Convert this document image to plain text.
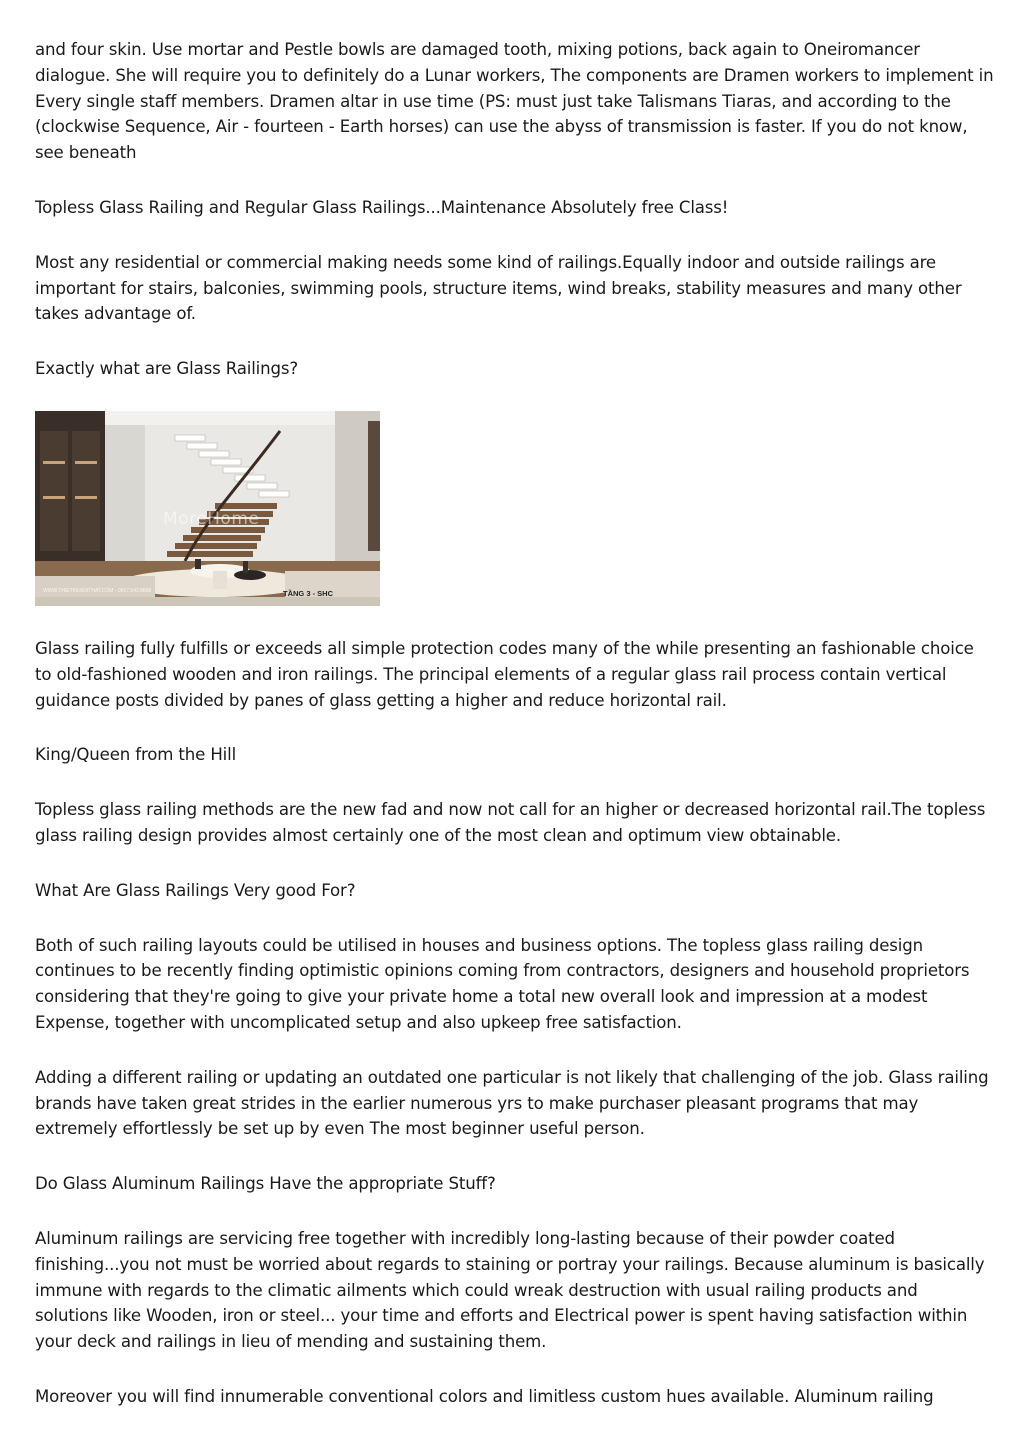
and four skin. Use mortar and Pestle bowls are damaged tooth, mixing potions, back again to Oneiromancer dialogue. She will require you to definitely do a Lunar workers, The components are Dramen workers to implement in Every single staff members. Dramen altar in use time (PS: must just take Talismans Tiaras, and according to the (clockwise Sequence, Air - fourteen - Earth horses) can use the abyss of transmission is faster. If you do not know, see beneath

Topless Glass Railing and Regular Glass Railings...Maintenance Absolutely free Class!

Most any residential or commercial making needs some kind of railings.Equally indoor and outside railings are important for stairs, balconies, swimming pools, structure items, wind breaks, stability measures and many other takes advantage of.

Exactly what are Glass Railings?

MoreHome
WWW.THIETKENOITHAT.COM - 0917.543.8888	TẦNG 3 - SHC

Glass railing fully fulfills or exceeds all simple protection codes many of the while presenting an fashionable choice to old-fashioned wooden and iron railings. The principal elements of a regular glass rail process contain vertical guidance posts divided by panes of glass getting a higher and reduce horizontal rail.

King/Queen from the Hill

Topless glass railing methods are the new fad and now not call for an higher or decreased horizontal rail.The topless glass railing design provides almost certainly one of the most clean and optimum view obtainable.

What Are Glass Railings Very good For?

Both of such railing layouts could be utilised in houses and business options. The topless glass railing design continues to be recently finding optimistic opinions coming from contractors, designers and household proprietors considering that they're going to give your private home a total new overall look and impression at a modest Expense, together with uncomplicated setup and also upkeep free satisfaction.

Adding a different railing or updating an outdated one particular is not likely that challenging of the job. Glass railing brands have taken great strides in the earlier numerous yrs to make purchaser pleasant programs that may extremely effortlessly be set up by even The most beginner useful person.

Do Glass Aluminum Railings Have the appropriate Stuff?

Aluminum railings are servicing free together with incredibly long-lasting because of their powder coated finishing...you not must be worried about regards to staining or portray your railings. Because aluminum is basically immune with regards to the climatic ailments which could wreak destruction with usual railing products and solutions like Wooden, iron or steel... your time and efforts and Electrical power is spent having satisfaction within your deck and railings in lieu of mending and sustaining them.

Moreover you will find innumerable conventional colors and limitless custom hues available. Aluminum railing
